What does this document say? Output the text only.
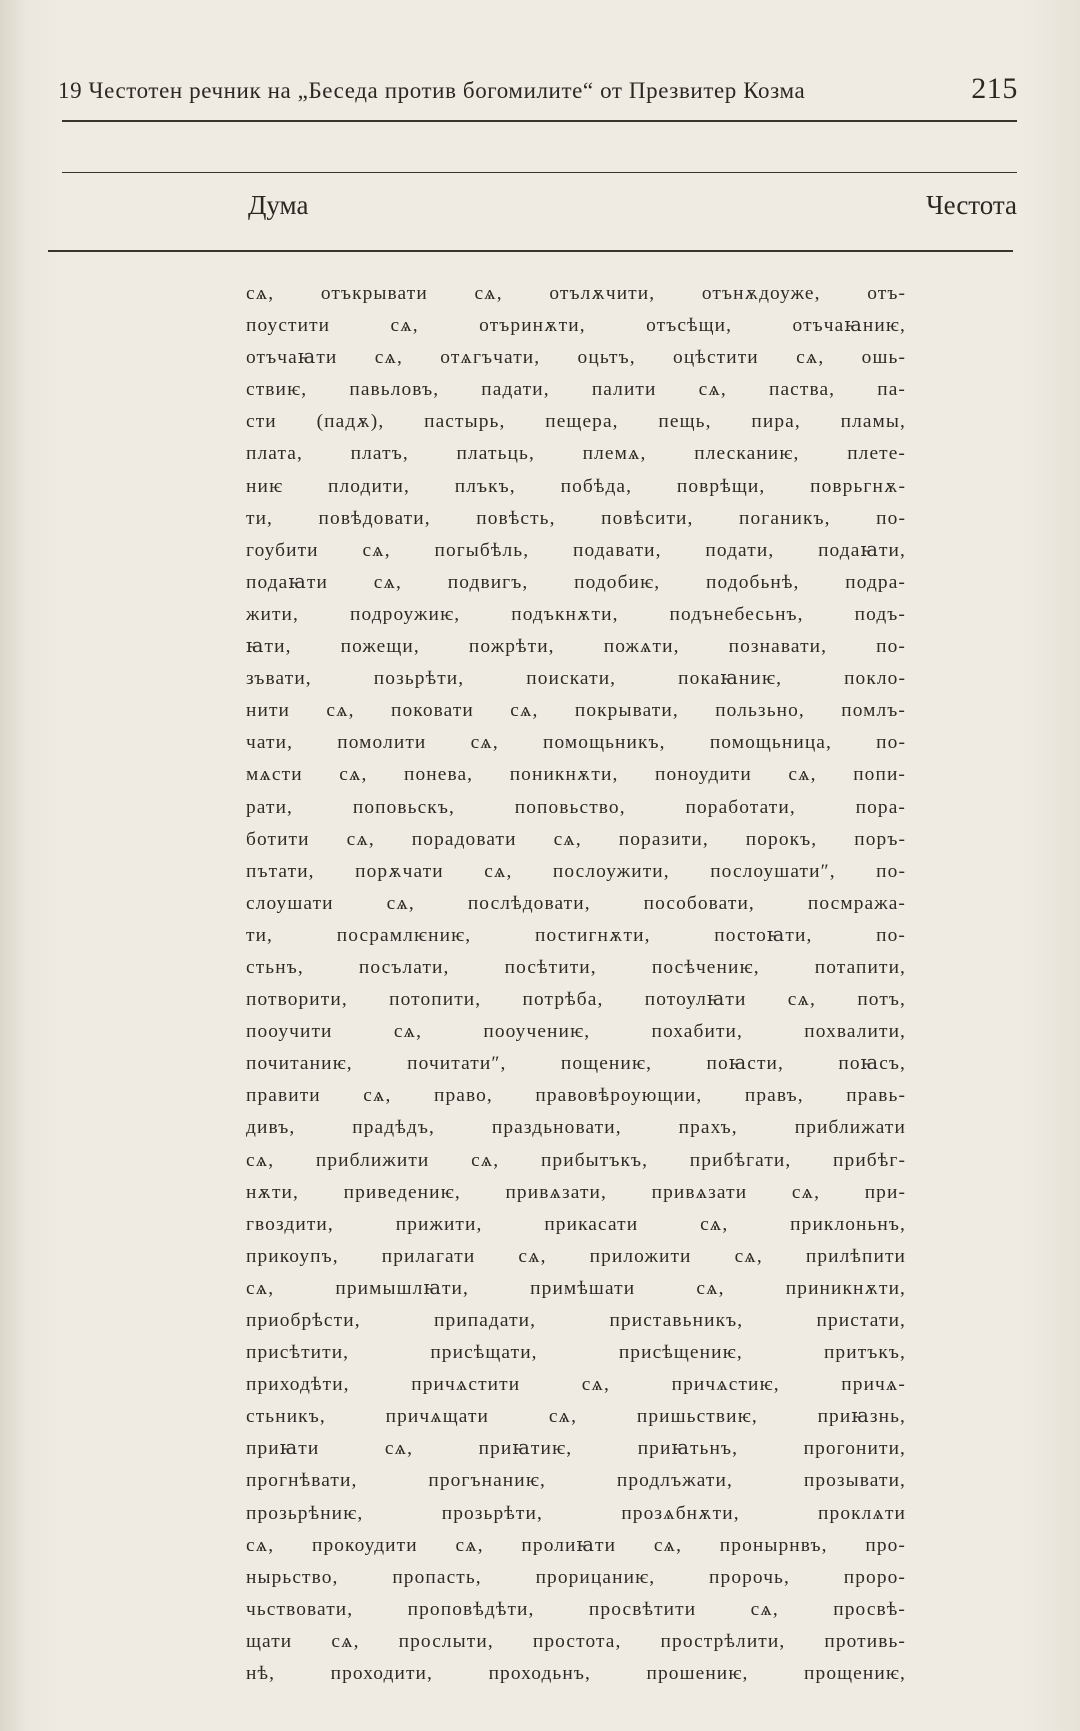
19 Честотен речник на „Беседа против богомилите“ от Презвитер Козма	215
Дума	Честота
сѧ, отъкрывати сѧ, отълѫчити, отънѫдоуже, отъ-
поустити сѧ, отъринѫти, отъсѣщи, отъчаꙗниѥ,
отъчаꙗти сѧ, отѧгъчати, оцьтъ, оцѣстити сѧ, ошь-
ствиѥ, павьловъ, падати, палити сѧ, паства, па-
сти (падѫ), пастырь, пещера, пещь, пира, пламы,
плата, платъ, платьць, племѧ, плесканиѥ, плете-
ниѥ плодити, плъкъ, побѣда, поврѣщи, поврьгнѫ-
ти, повѣдовати, повѣсть, повѣсити, поганикъ, по-
гоубити сѧ, погыбѣль, подавати, подати, подаꙗти,
подаꙗти сѧ, подвигъ, подобиѥ, подобьнѣ, подра-
жити, подроужиѥ, подъкнѫти, подънебесьнъ, подъ-
ꙗти, пожещи, пожрѣти, пожѧти, познавати, по-
зъвати, позьрѣти, поискати, покаꙗниѥ, покло-
нити сѧ, поковати сѧ, покрывати, пользьно, помлъ-
чати, помолити сѧ, помощьникъ, помощьница, по-
мѧсти сѧ, понева, поникнѫти, поноудити сѧ, попи-
рати, поповьскъ, поповьство, поработати, пора-
ботити сѧ, порадовати сѧ, поразити, порокъ, поръ-
пътати, порѫчати сѧ, послоужити, послоушати″, по-
слоушати сѧ, послѣдовати, пособовати, посмража-
ти, посрамлѥниѥ, постигнѫти, постоꙗти, по-
стьнъ, посълати, посѣтити, посѣчениѥ, потапити,
потворити, потопити, потрѣба, потоулꙗти сѧ, потъ,
пооучити сѧ, пооучениѥ, похабити, похвалити,
почитаниѥ, почитати″, пощениѥ, поꙗсти, поꙗсъ,
правити сѧ, право, правовѣроующии, правъ, правь-
дивъ, прадѣдъ, праздьновати, прахъ, приближати
сѧ, приближити сѧ, прибытъкъ, прибѣгати, прибѣг-
нѫти, приведениѥ, привѧзати, привѧзати сѧ, при-
гвоздити, прижити, прикасати сѧ, приклоньнъ,
прикоупъ, прилагати сѧ, приложити сѧ, прилѣпити
сѧ, примышлꙗти, примѣшати сѧ, приникнѫти,
приобрѣсти, припадати, приставьникъ, пристати,
присѣтити, присѣщати, присѣщениѥ, притъкъ,
приходѣти, причѧстити сѧ, причѧстиѥ, причѧ-
стьникъ, причѧщати сѧ, пришьствиѥ, приꙗзнь,
приꙗти сѧ, приꙗтиѥ, приꙗтьнъ, прогонити,
прогнѣвати, прогънаниѥ, продлъжати, прозывати,
прозьрѣниѥ, прозьрѣти, прозѧбнѫти, проклѧти
сѧ, прокоудити сѧ, пролиꙗти сѧ, пронырнвъ, про-
ныpьство, пропасть, прорицаниѥ, пророчь, проро-
чьствовати, проповѣдѣти, просвѣтити сѧ, просвѣ-
щати сѧ, прослыти, простота, прострѣлити, противь-
нѣ, проходити, проходьнъ, прошениѥ, прощениѥ,
